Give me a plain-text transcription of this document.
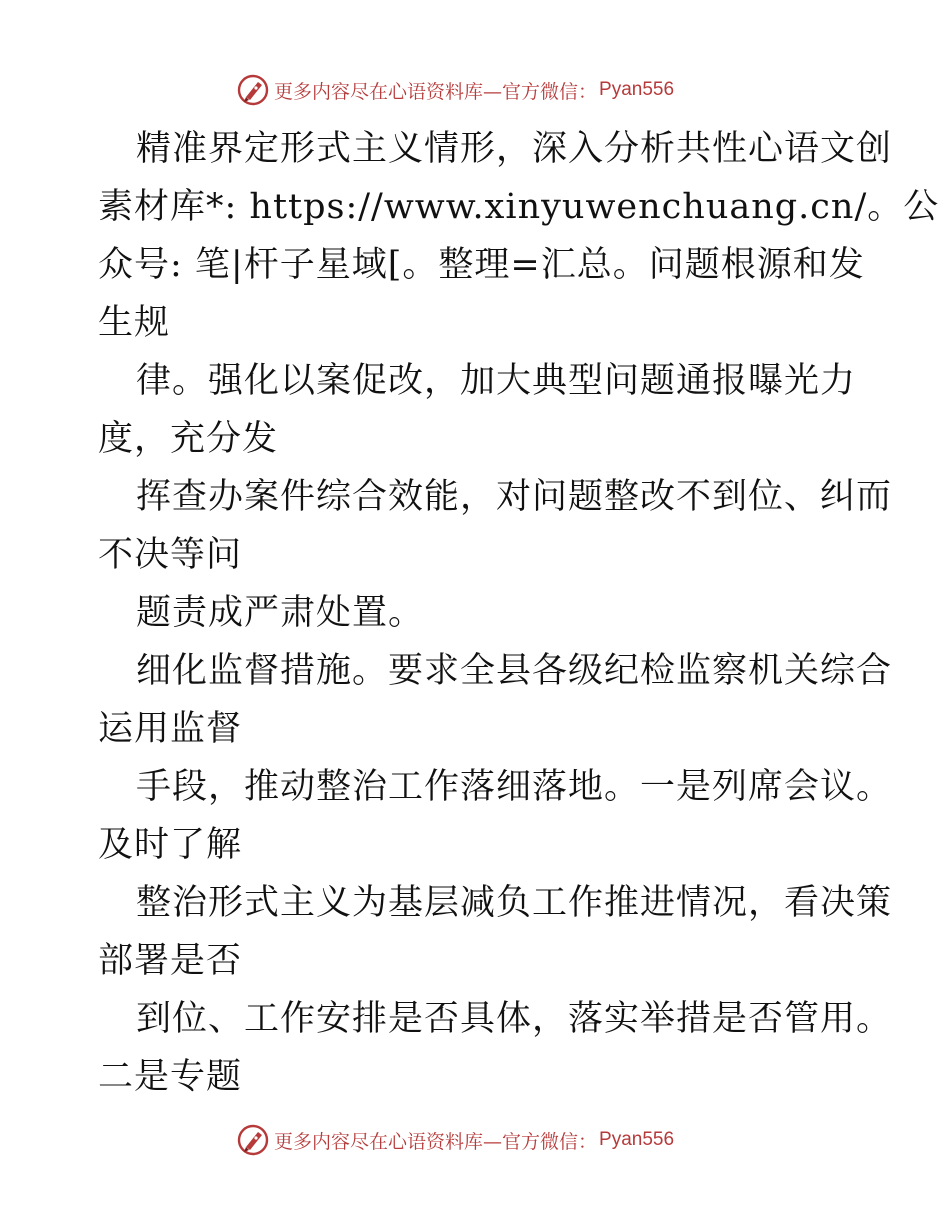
更多内容尽在心语资料库—官方微信： Pyan556
精准界定形式主义情形，深入分析共性心语文创
素材库*: https://www.xinyuwenchuang.cn/。公
众号: 笔|杆子星域[。整理=汇总。问题根源和发
生规
律。强化以案促改，加大典型问题通报曝光力
度，充分发
挥查办案件综合效能，对问题整改不到位、纠而
不决等问
题责成严肃处置。
细化监督措施。要求全县各级纪检监察机关综合
运用监督
手段，推动整治工作落细落地。一是列席会议。
及时了解
整治形式主义为基层减负工作推进情况，看决策
部署是否
到位、工作安排是否具体，落实举措是否管用。
二是专题
更多内容尽在心语资料库—官方微信： Pyan556
